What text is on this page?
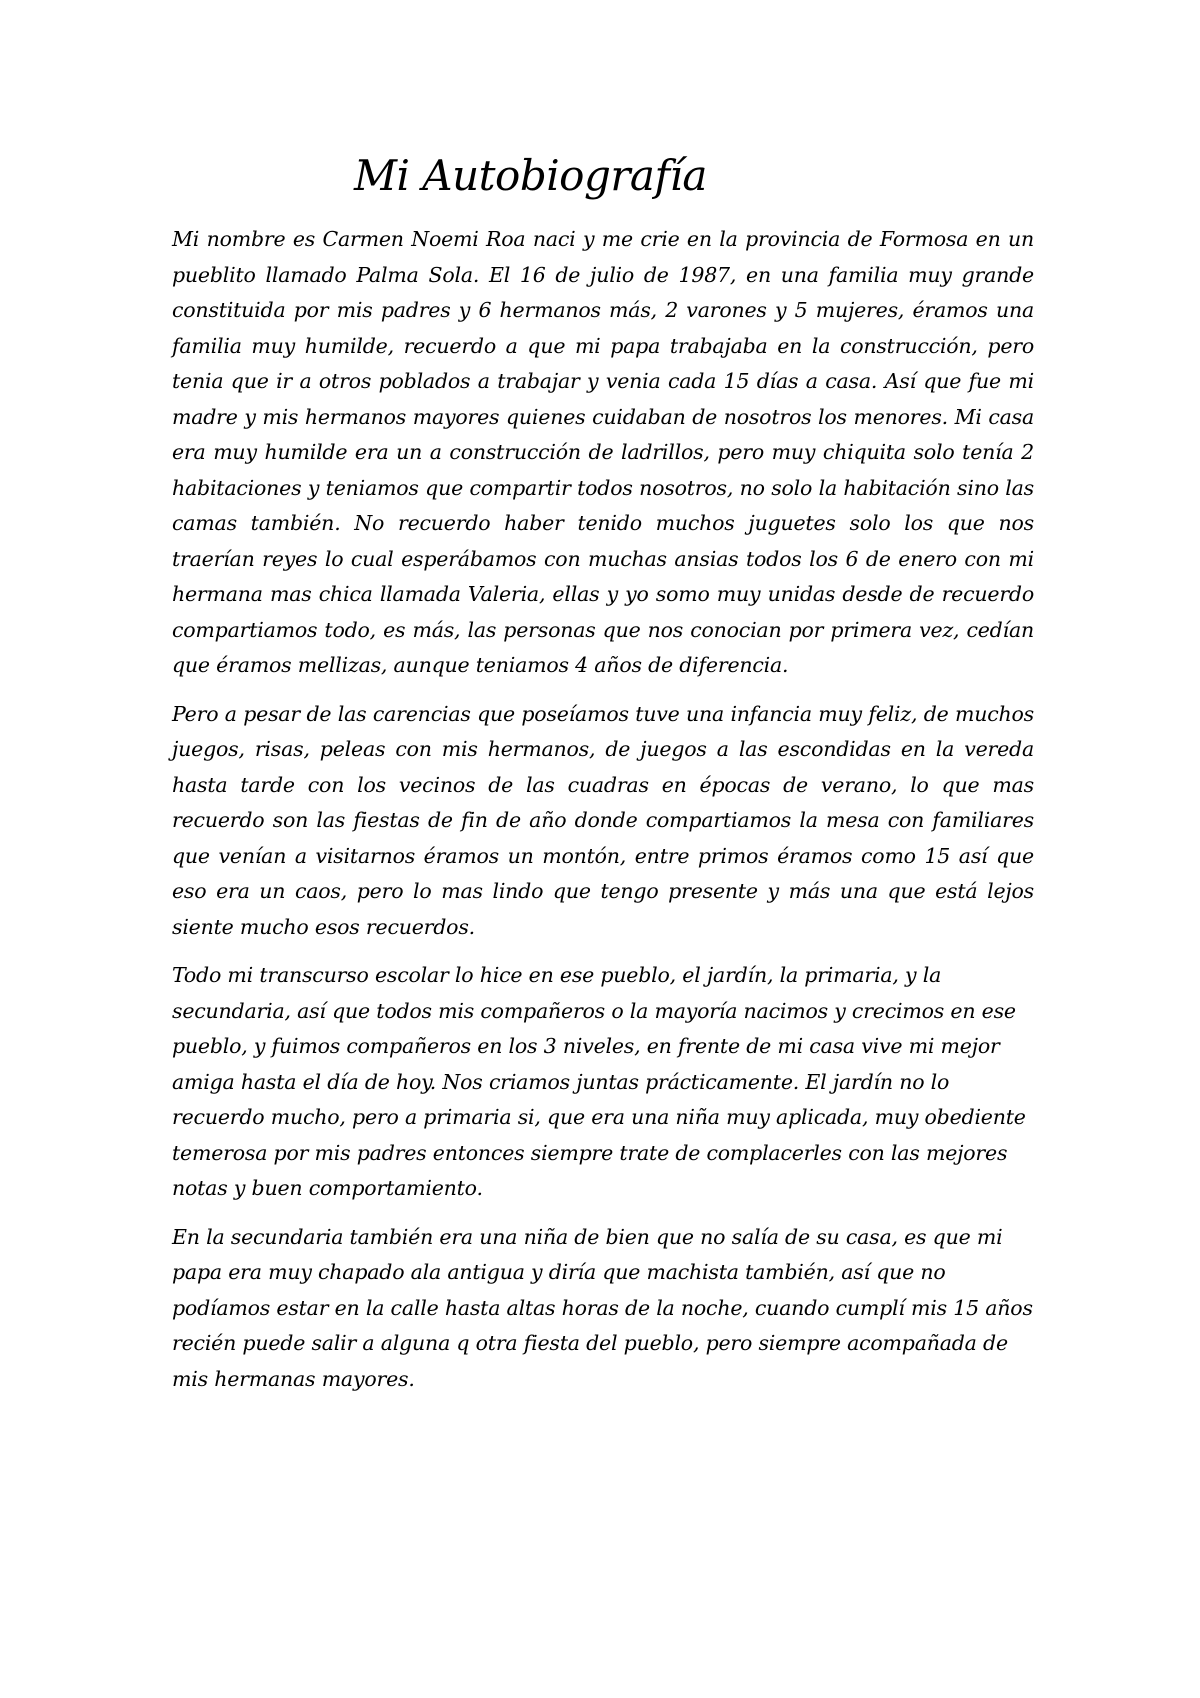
Mi Autobiografía

Mi nombre es Carmen Noemi Roa naci y me crie en la provincia de Formosa en un pueblito llamado Palma Sola. El 16 de julio de 1987, en una familia muy grande constituida por mis padres y 6 hermanos más, 2 varones y 5 mujeres, éramos una familia muy humilde, recuerdo a que mi papa trabajaba en la construcción, pero tenia que ir a otros poblados a trabajar y venia cada 15 días a casa. Así que fue mi madre y mis hermanos mayores quienes cuidaban de nosotros los menores. Mi casa era muy humilde era un a construcción de ladrillos, pero muy chiquita solo tenía 2 habitaciones y teniamos que compartir todos nosotros, no solo la habitación sino las camas también. No recuerdo haber tenido muchos juguetes solo los que nos traerían reyes lo cual esperábamos con muchas ansias todos los 6 de enero con mi hermana mas chica llamada Valeria, ellas y yo somo muy unidas desde de recuerdo compartiamos todo, es más, las personas que nos conocian por primera vez, cedían que éramos mellizas, aunque teniamos 4 años de diferencia.

Pero a pesar de las carencias que poseíamos tuve una infancia muy feliz, de muchos juegos, risas, peleas con mis hermanos, de juegos a las escondidas en la vereda hasta tarde con los vecinos de las cuadras en épocas de verano, lo que mas recuerdo son las fiestas de fin de año donde compartiamos la mesa con familiares que venían a visitarnos éramos un montón, entre primos éramos como 15 así que eso era un caos, pero lo mas lindo que tengo presente y más una que está lejos siente mucho esos recuerdos.

Todo mi transcurso escolar lo hice en ese pueblo, el jardín, la primaria, y la secundaria, así que todos mis compañeros o la mayoría nacimos y crecimos en ese pueblo, y fuimos compañeros en los 3 niveles, en frente de mi casa vive mi mejor amiga hasta el día de hoy. Nos criamos juntas prácticamente. El jardín no lo recuerdo mucho, pero a primaria si, que era una niña muy aplicada, muy obediente temerosa por mis padres entonces siempre trate de complacerles con las mejores notas y buen comportamiento.

En la secundaria también era una niña de bien que no salía de su casa, es que mi papa era muy chapado ala antigua y diría que machista también, así que no podíamos estar en la calle hasta altas horas de la noche, cuando cumplí mis 15 años recién puede salir a alguna q otra fiesta del pueblo, pero siempre acompañada de mis hermanas mayores.
